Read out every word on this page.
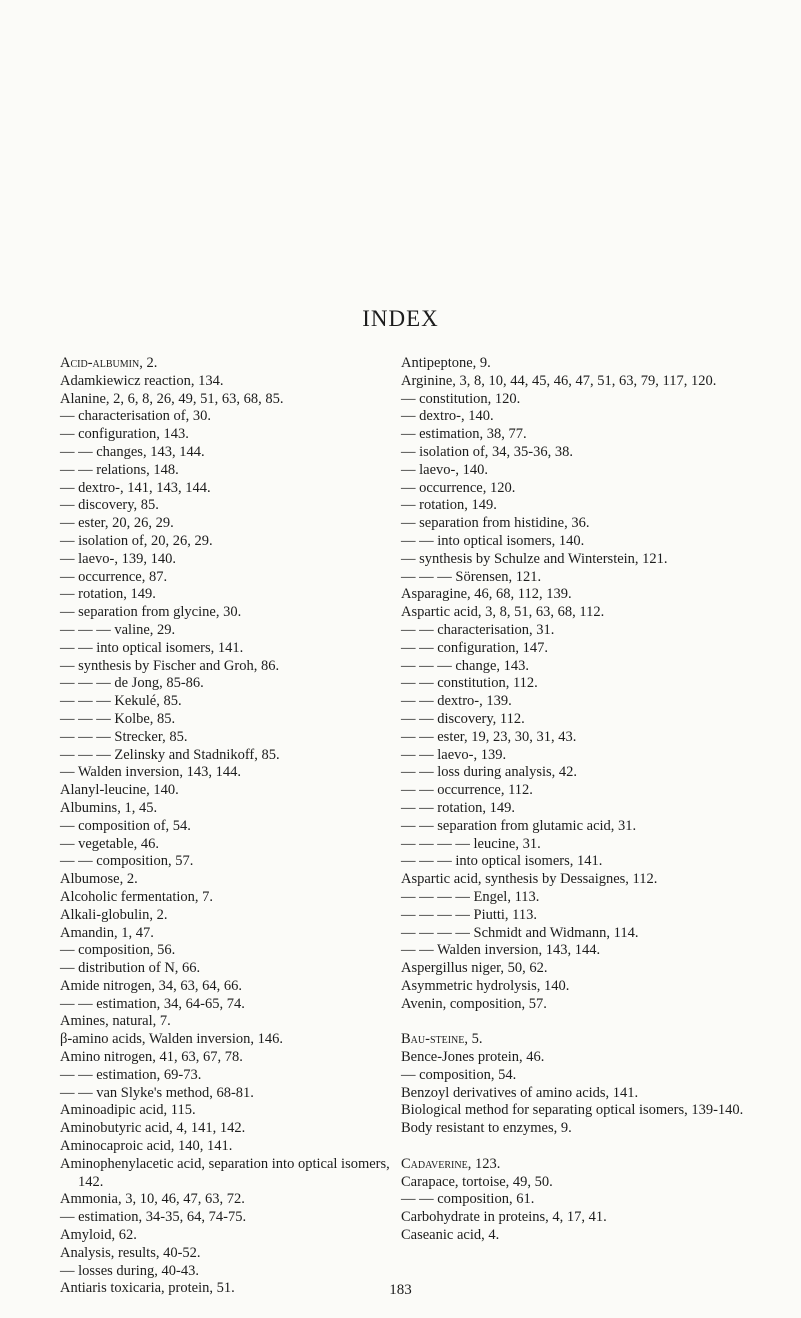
INDEX
Acid-albumin, 2.
Adamkiewicz reaction, 134.
Alanine, 2, 6, 8, 26, 49, 51, 63, 68, 85.
— characterisation of, 30.
— configuration, 143.
— — changes, 143, 144.
— — relations, 148.
— dextro-, 141, 143, 144.
— discovery, 85.
— ester, 20, 26, 29.
— isolation of, 20, 26, 29.
— laevo-, 139, 140.
— occurrence, 87.
— rotation, 149.
— separation from glycine, 30.
— — — valine, 29.
— — into optical isomers, 141.
— synthesis by Fischer and Groh, 86.
— — — de Jong, 85-86.
— — — Kekulé, 85.
— — — Kolbe, 85.
— — — Strecker, 85.
— — — Zelinsky and Stadnikoff, 85.
— Walden inversion, 143, 144.
Alanyl-leucine, 140.
Albumins, 1, 45.
— composition of, 54.
— vegetable, 46.
— — composition, 57.
Albumose, 2.
Alcoholic fermentation, 7.
Alkali-globulin, 2.
Amandin, 1, 47.
— composition, 56.
— distribution of N, 66.
Amide nitrogen, 34, 63, 64, 66.
— — estimation, 34, 64-65, 74.
Amines, natural, 7.
β-amino acids, Walden inversion, 146.
Amino nitrogen, 41, 63, 67, 78.
— — estimation, 69-73.
— — van Slyke's method, 68-81.
Aminoadipic acid, 115.
Aminobutyric acid, 4, 141, 142.
Aminocaproic acid, 140, 141.
Aminophenylacetic acid, separation into optical isomers, 142.
Ammonia, 3, 10, 46, 47, 63, 72.
— estimation, 34-35, 64, 74-75.
Amyloid, 62.
Analysis, results, 40-52.
— losses during, 40-43.
Antiaris toxicaria, protein, 51.
Antipeptone, 9.
Arginine, 3, 8, 10, 44, 45, 46, 47, 51, 63, 79, 117, 120.
— constitution, 120.
— dextro-, 140.
— estimation, 38, 77.
— isolation of, 34, 35-36, 38.
— laevo-, 140.
— occurrence, 120.
— rotation, 149.
— separation from histidine, 36.
— — into optical isomers, 140.
— synthesis by Schulze and Winterstein, 121.
— — — Sörensen, 121.
Asparagine, 46, 68, 112, 139.
Aspartic acid, 3, 8, 51, 63, 68, 112.
— — characterisation, 31.
— — configuration, 147.
— — — change, 143.
— — constitution, 112.
— — dextro-, 139.
— — discovery, 112.
— — ester, 19, 23, 30, 31, 43.
— — laevo-, 139.
— — loss during analysis, 42.
— — occurrence, 112.
— — rotation, 149.
— — separation from glutamic acid, 31.
— — — — leucine, 31.
— — — into optical isomers, 141.
Aspartic acid, synthesis by Dessaignes, 112.
— — — — Engel, 113.
— — — — Piutti, 113.
— — — — Schmidt and Widmann, 114.
— — Walden inversion, 143, 144.
Aspergillus niger, 50, 62.
Asymmetric hydrolysis, 140.
Avenin, composition, 57.
Bau-steine, 5.
Bence-Jones protein, 46.
— composition, 54.
Benzoyl derivatives of amino acids, 141.
Biological method for separating optical isomers, 139-140.
Body resistant to enzymes, 9.
Cadaverine, 123.
Carapace, tortoise, 49, 50.
— — composition, 61.
Carbohydrate in proteins, 4, 17, 41.
Caseanic acid, 4.
183
